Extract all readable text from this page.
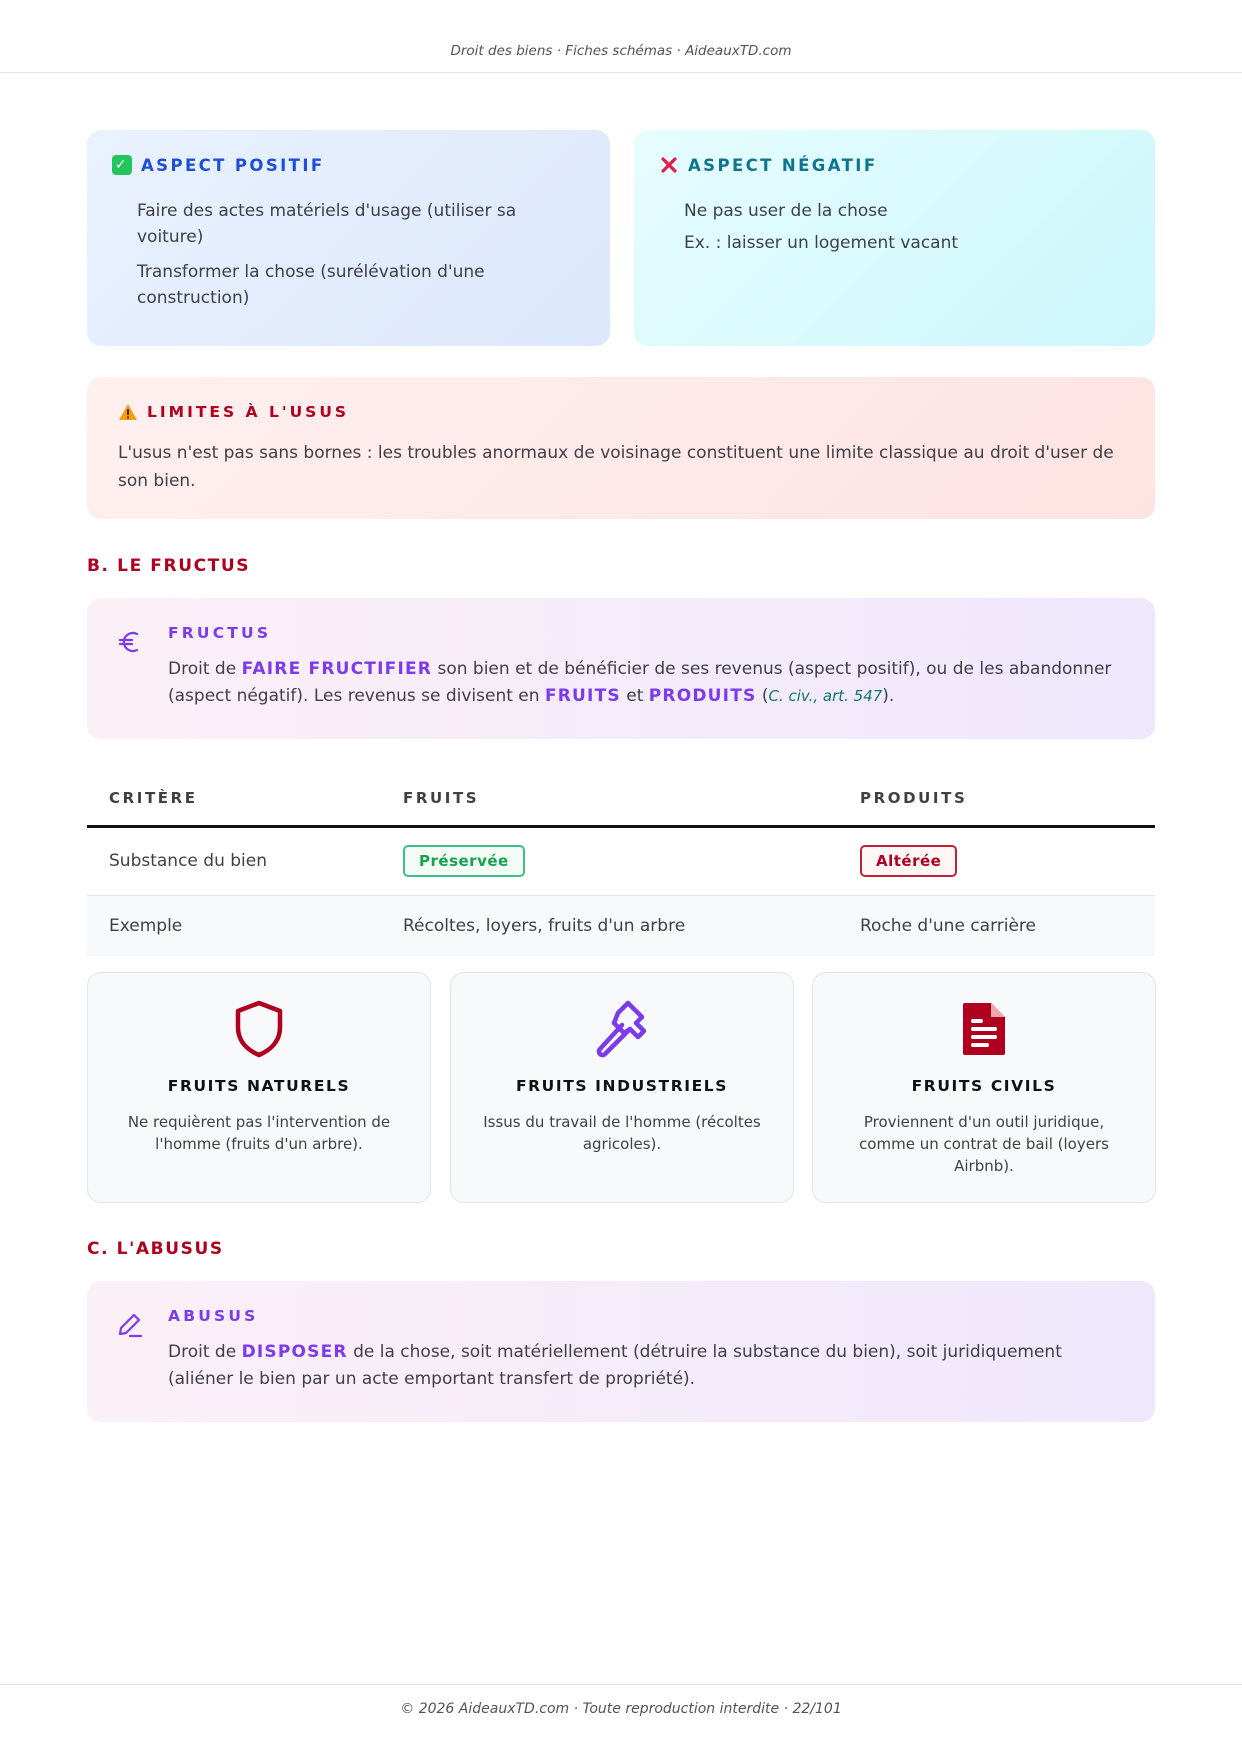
Droit des biens · Fiches schémas · AideauxTD.com
✓ ASPECT POSITIF
Faire des actes matériels d'usage (utiliser sa voiture)
Transformer la chose (surélévation d'une construction)
ASPECT NÉGATIF
Ne pas user de la chose
Ex. : laisser un logement vacant
LIMITES À L'USUS
L'usus n'est pas sans bornes : les troubles anormaux de voisinage constituent une limite classique au droit d'user de son bien.
B. LE FRUCTUS
FRUCTUS
Droit de FAIRE FRUCTIFIER son bien et de bénéficier de ses revenus (aspect positif), ou de les abandonner (aspect négatif). Les revenus se divisent en FRUITS et PRODUITS (C. civ., art. 547).
CRITÈRE	FRUITS	PRODUITS
Substance du bien	Préservée	Altérée
Exemple	Récoltes, loyers, fruits d'un arbre	Roche d'une carrière
FRUITS NATURELS
Ne requièrent pas l'intervention de l'homme (fruits d'un arbre).
FRUITS INDUSTRIELS
Issus du travail de l'homme (récoltes agricoles).
FRUITS CIVILS
Proviennent d'un outil juridique, comme un contrat de bail (loyers Airbnb).
C. L'ABUSUS
ABUSUS
Droit de DISPOSER de la chose, soit matériellement (détruire la substance du bien), soit juridiquement (aliéner le bien par un acte emportant transfert de propriété).
© 2026 AideauxTD.com · Toute reproduction interdite · 22/101
